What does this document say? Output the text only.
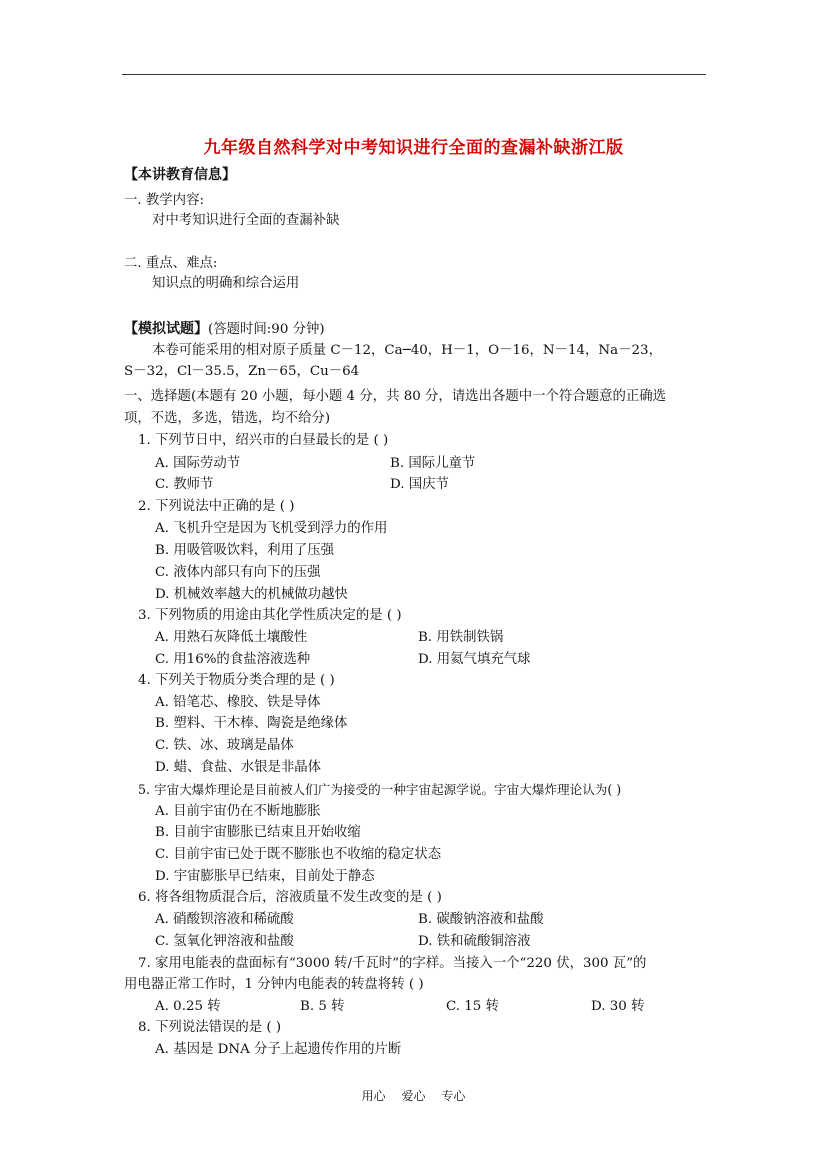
九年级自然科学对中考知识进行全面的查漏补缺浙江版
【本讲教育信息】
一. 教学内容:
对中考知识进行全面的查漏补缺
二. 重点、难点:
知识点的明确和综合运用
【模拟试题】(答题时间:90 分钟)
本卷可能采用的相对原子质量 C－12，Ca─40，H－1，O－16，N－14，Na－23，
S－32，Cl－35.5，Zn－65，Cu－64
一、选择题(本题有 20 小题，每小题 4 分，共 80 分，请选出各题中一个符合题意的正确选
项，不选，多选，错选，均不给分)
1. 下列节日中，绍兴市的白昼最长的是 ( )
A. 国际劳动节	B. 国际儿童节
C. 教师节	D. 国庆节
2. 下列说法中正确的是 ( )
A. 飞机升空是因为飞机受到浮力的作用
B. 用吸管吸饮料，利用了压强
C. 液体内部只有向下的压强
D. 机械效率越大的机械做功越快
3. 下列物质的用途由其化学性质决定的是 ( )
A. 用熟石灰降低土壤酸性	B. 用铁制铁锅
C. 用16%的食盐溶液选种	D. 用氦气填充气球
4. 下列关于物质分类合理的是 ( )
A. 铅笔芯、橡胶、铁是导体
B. 塑料、干木棒、陶瓷是绝缘体
C. 铁、冰、玻璃是晶体
D. 蜡、食盐、水银是非晶体
5. 宇宙大爆炸理论是目前被人们广为接受的一种宇宙起源学说。宇宙大爆炸理论认为( )
A. 目前宇宙仍在不断地膨胀
B. 目前宇宙膨胀已结束且开始收缩
C. 目前宇宙已处于既不膨胀也不收缩的稳定状态
D. 宇宙膨胀早已结束，目前处于静态
6. 将各组物质混合后，溶液质量不发生改变的是 ( )
A. 硝酸钡溶液和稀硫酸	B. 碳酸钠溶液和盐酸
C. 氢氧化钾溶液和盐酸	D. 铁和硫酸铜溶液
7. 家用电能表的盘面标有“3000 转/千瓦时”的字样。当接入一个“220 伏，300 瓦”的
用电器正常工作时，1 分钟内电能表的转盘将转 ( )
A. 0.25 转	B. 5 转	C. 15 转	D. 30 转
8. 下列说法错误的是 ( )
A. 基因是 DNA 分子上起遗传作用的片断
用心 爱心 专心
